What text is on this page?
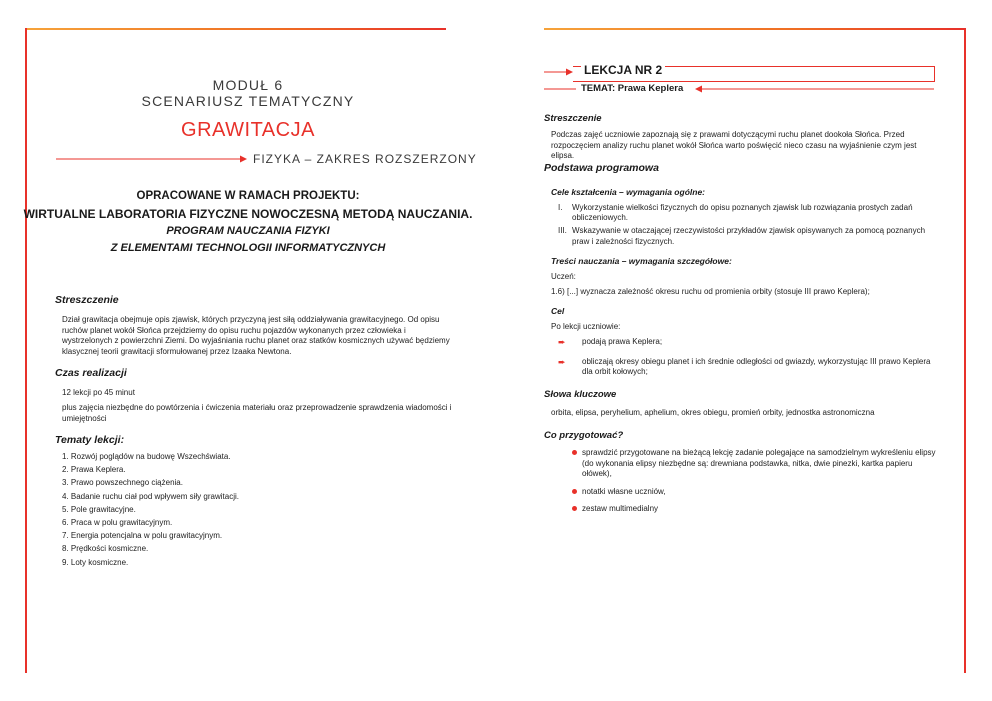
MODUŁ 6
SCENARIUSZ TEMATYCZNY
GRAWITACJA
FIZYKA – ZAKRES ROZSZERZONY
OPRACOWANE W RAMACH PROJEKTU:
WIRTUALNE LABORATORIA FIZYCZNE NOWOCZESNĄ METODĄ NAUCZANIA.
PROGRAM NAUCZANIA FIZYKI
Z ELEMENTAMI TECHNOLOGII INFORMATYCZNYCH
Streszczenie

Dział grawitacja obejmuje opis zjawisk, których przyczyną jest siłą oddziaływania grawitacyjnego. Od opisu ruchów planet wokół Słońca przejdziemy do opisu ruchu pojazdów wykonanych przez człowieka i wystrzelonych z powierzchni Ziemi. Do wyjaśniania ruchu planet oraz statków kosmicznych używać będziemy klasycznej teorii grawitacji sformułowanej przez Izaaka Newtona.

Czas realizacji

12 lekcji po 45 minut

plus zajęcia niezbędne do powtórzenia i ćwiczenia materiału oraz przeprowadzenie sprawdzenia wiadomości i umiejętności

Tematy lekcji:
1. Rozwój poglądów na budowę Wszechświata.
2. Prawa Keplera.
3. Prawo powszechnego ciążenia.
4. Badanie ruchu ciał pod wpływem siły grawitacji.
5. Pole grawitacyjne.
6. Praca w polu grawitacyjnym.
7. Energia potencjalna w polu grawitacyjnym.
8. Prędkości kosmiczne.
9. Loty kosmiczne.
LEKCJA NR 2
TEMAT: Prawa Keplera
Streszczenie

Podczas zajęć uczniowie zapoznają się z prawami dotyczącymi ruchu planet dookoła Słońca. Przed rozpoczęciem analizy ruchu planet wokół Słońca warto poświęcić nieco czasu na wyjaśnienie czym jest elipsa.

Podstawa programowa
Cele kształcenia – wymagania ogólne:
I. Wykorzystanie wielkości fizycznych do opisu poznanych zjawisk lub rozwiązania prostych zadań obliczeniowych.
III. Wskazywanie w otaczającej rzeczywistości przykładów zjawisk opisywanych za pomocą poznanych praw i zależności fizycznych.
Treści nauczania – wymagania szczegółowe:

Uczeń:

1.6) [...] wyznacza zależność okresu ruchu od promienia orbity (stosuje III prawo Keplera);

Cel

Po lekcji uczniowie:

➨ podają prawa Keplera;
➨ obliczają okresy obiegu planet i ich średnie odległości od gwiazdy, wykorzystując III prawo Keplera dla orbit kołowych;
Słowa kluczowe

orbita, elipsa, peryhelium, aphelium, okres obiegu, promień orbity, jednostka astronomiczna

Co przygotować?
sprawdzić przygotowane na bieżącą lekcję zadanie polegające na samodzielnym wykreśleniu elipsy (do wykonania elipsy niezbędne są: drewniana podstawka, nitka, dwie pinezki, kartka papieru ołówek),
notatki własne uczniów,
zestaw multimedialny
